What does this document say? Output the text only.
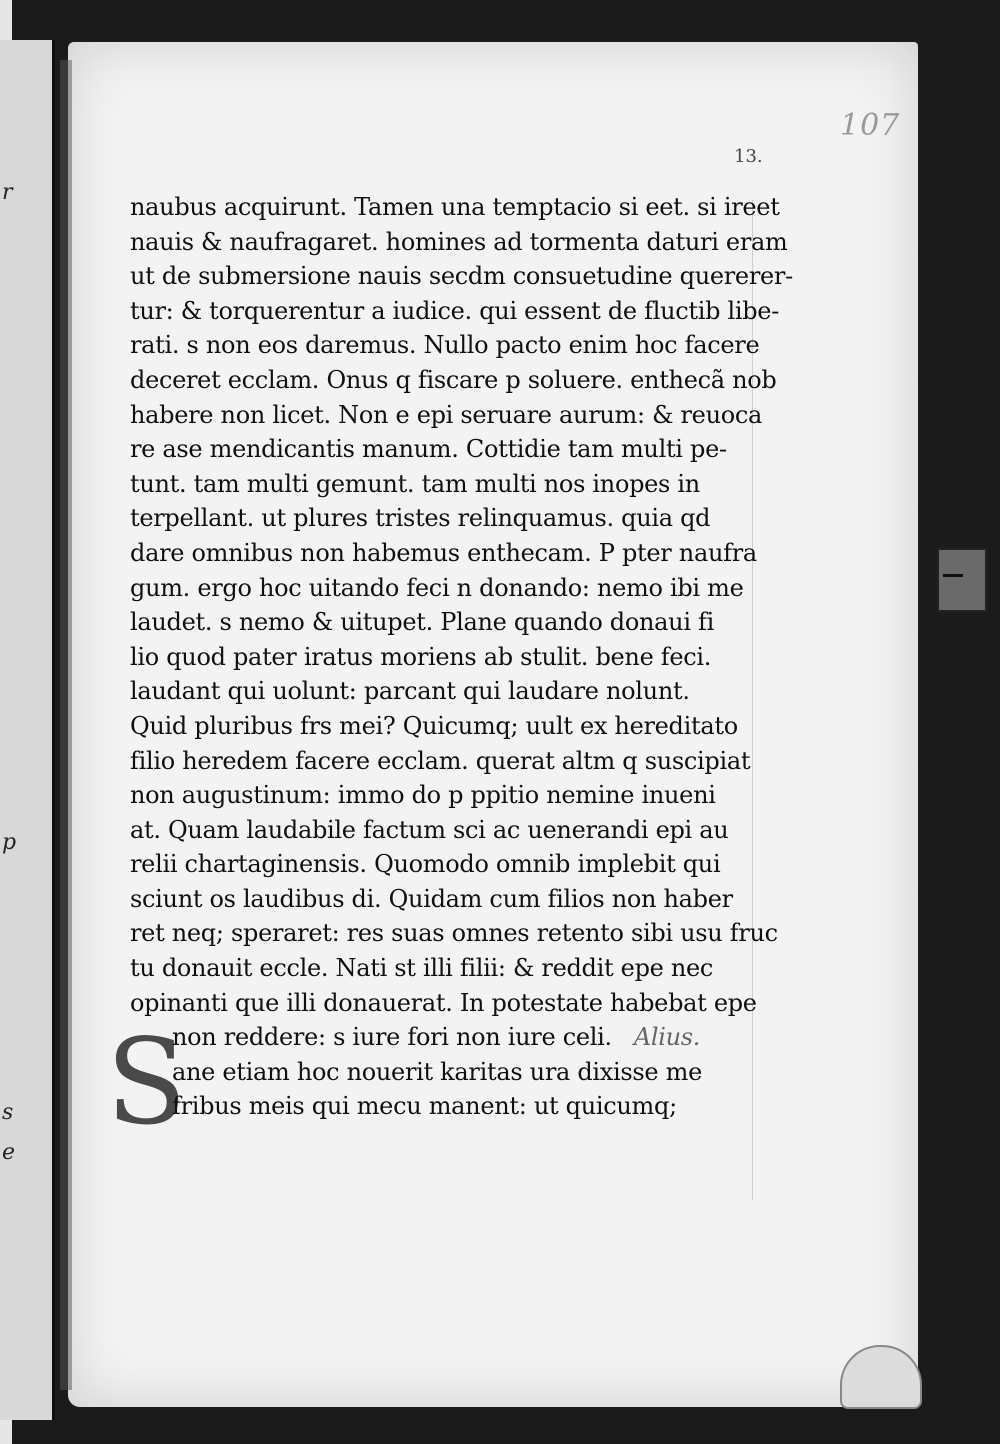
r
p
s
e
107
13.
S
naubus acquirunt. Tamen una temptacio si eet. si ireet
nauis & naufragaret. homines ad tormenta daturi eram
ut de submersione nauis secdm consuetudine quererer-
tur: & torquerentur a iudice. qui essent de fluctib libe-
rati. s non eos daremus. Nullo pacto enim hoc facere
deceret ecclam. Onus q fiscare p soluere. enthecã nob
habere non licet. Non e epi seruare aurum: & reuoca
re ase mendicantis manum. Cottidie tam multi pe-
tunt. tam multi gemunt. tam multi nos inopes in
terpellant. ut plures tristes relinquamus. quia qd
dare omnibus non habemus enthecam. P pter naufra
gum. ergo hoc uitando feci n donando: nemo ibi me
laudet. s nemo & uitupet. Plane quando donaui fi
lio quod pater iratus moriens ab stulit. bene feci.
laudant qui uolunt: parcant qui laudare nolunt.
Quid pluribus frs mei? Quicumq; uult ex hereditato
filio heredem facere ecclam. querat altm q suscipiat
non augustinum: immo do p ppitio nemine inueni
at. Quam laudabile factum sci ac uenerandi epi au
relii chartaginensis. Quomodo omnib implebit qui
sciunt os laudibus di. Quidam cum filios non haber
ret neq; speraret: res suas omnes retento sibi usu fruc
tu donauit eccle. Nati st illi filii: & reddit epe nec
opinanti que illi donauerat. In potestate habebat epe
non reddere: s iure fori non iure celi. Alius.
ane etiam hoc nouerit karitas ura dixisse me
fribus meis qui mecu manent: ut quicumq;
